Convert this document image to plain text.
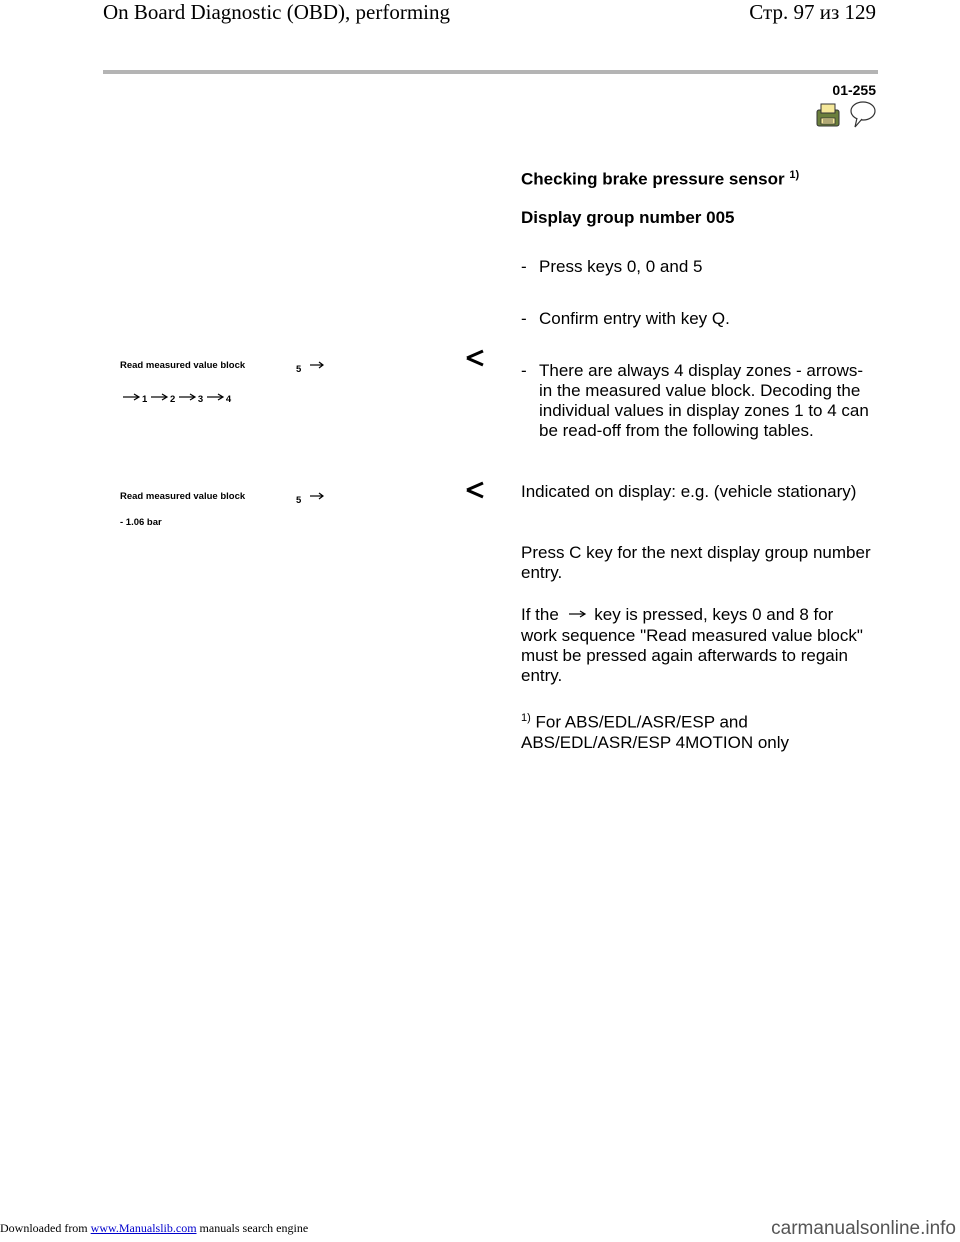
On Board Diagnostic (OBD), performing	Стр. 97 из 129
01-255
Checking brake pressure sensor $^{1)}$
Display group number 005
- Press keys 0, 0 and 5
- Confirm entry with key Q.
Read measured value block	5
1 2 3 4
- There are always 4 display zones - arrows- in the measured value block. Decoding the individual values in display zones 1 to 4 can be read-off from the following tables.
Read measured value block	5
- 1.06 bar
Indicated on display: e.g. (vehicle stationary)
Press C key for the next display group number entry.
If the key is pressed, keys 0 and 8 for work sequence "Read measured value block" must be pressed again afterwards to regain entry.
$^{1)}$ For ABS/EDL/ASR/ESP and ABS/EDL/ASR/ESP 4MOTION only
Downloaded from www.Manualslib.com manuals search engine	carmanualsonline.info
